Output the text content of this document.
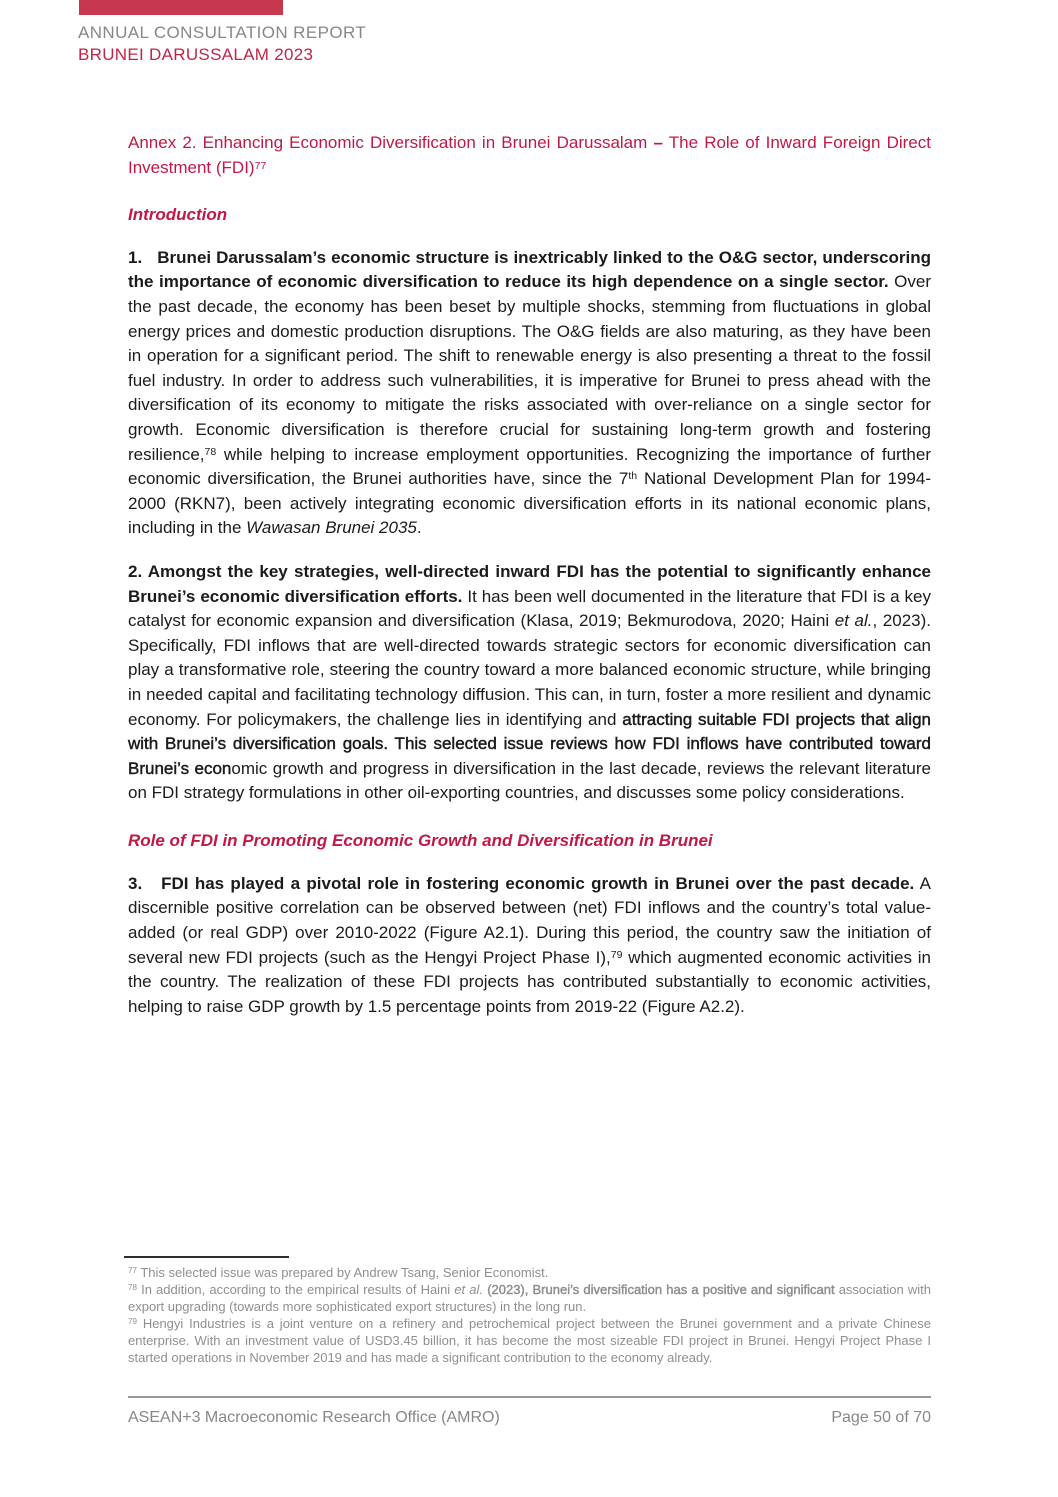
ANNUAL CONSULTATION REPORT
BRUNEI DARUSSALAM 2023
Annex 2. Enhancing Economic Diversification in Brunei Darussalam – The Role of Inward Foreign Direct Investment (FDI)$^{77}$
Introduction

1.   Brunei Darussalam’s economic structure is inextricably linked to the O&G sector, underscoring the importance of economic diversification to reduce its high dependence on a single sector. Over the past decade, the economy has been beset by multiple shocks, stemming from fluctuations in global energy prices and domestic production disruptions. The O&G fields are also maturing, as they have been in operation for a significant period. The shift to renewable energy is also presenting a threat to the fossil fuel industry. In order to address such vulnerabilities, it is imperative for Brunei to press ahead with the diversification of its economy to mitigate the risks associated with over-reliance on a single sector for growth. Economic diversification is therefore crucial for sustaining long-term growth and fostering resilience,$^{78}$ while helping to increase employment opportunities. Recognizing the importance of further economic diversification, the Brunei authorities have, since the 7th National Development Plan for 1994-2000 (RKN7), been actively integrating economic diversification efforts in its national economic plans, including in the Wawasan Brunei 2035.

2. Amongst the key strategies, well-directed inward FDI has the potential to significantly enhance Brunei’s economic diversification efforts. It has been well documented in the literature that FDI is a key catalyst for economic expansion and diversification (Klasa, 2019; Bekmurodova, 2020; Haini et al., 2023). Specifically, FDI inflows that are well-directed towards strategic sectors for economic diversification can play a transformative role, steering the country toward a more balanced economic structure, while bringing in needed capital and facilitating technology diffusion. This can, in turn, foster a more resilient and dynamic economy. For policymakers, the challenge lies in identifying and attracting suitable FDI projects that align with Brunei’s diversification goals. This selected issue reviews how FDI inflows have contributed toward Brunei’s economic growth and progress in diversification in the last decade, reviews the relevant literature on FDI strategy formulations in other oil-exporting countries, and discusses some policy considerations.

Role of FDI in Promoting Economic Growth and Diversification in Brunei

3.   FDI has played a pivotal role in fostering economic growth in Brunei over the past decade. A discernible positive correlation can be observed between (net) FDI inflows and the country’s total value-added (or real GDP) over 2010-2022 (Figure A2.1). During this period, the country saw the initiation of several new FDI projects (such as the Hengyi Project Phase I),$^{79}$ which augmented economic activities in the country. The realization of these FDI projects has contributed substantially to economic activities, helping to raise GDP growth by 1.5 percentage points from 2019-22 (Figure A2.2).

$^{77}$ This selected issue was prepared by Andrew Tsang, Senior Economist.

$^{78}$ In addition, according to the empirical results of Haini et al. (2023), Brunei’s diversification has a positive and significant association with export upgrading (towards more sophisticated export structures) in the long run.

$^{79}$ Hengyi Industries is a joint venture on a refinery and petrochemical project between the Brunei government and a private Chinese enterprise. With an investment value of USD3.45 billion, it has become the most sizeable FDI project in Brunei. Hengyi Project Phase I started operations in November 2019 and has made a significant contribution to the economy already.

ASEAN+3 Macroeconomic Research Office (AMRO)	Page 50 of 70
